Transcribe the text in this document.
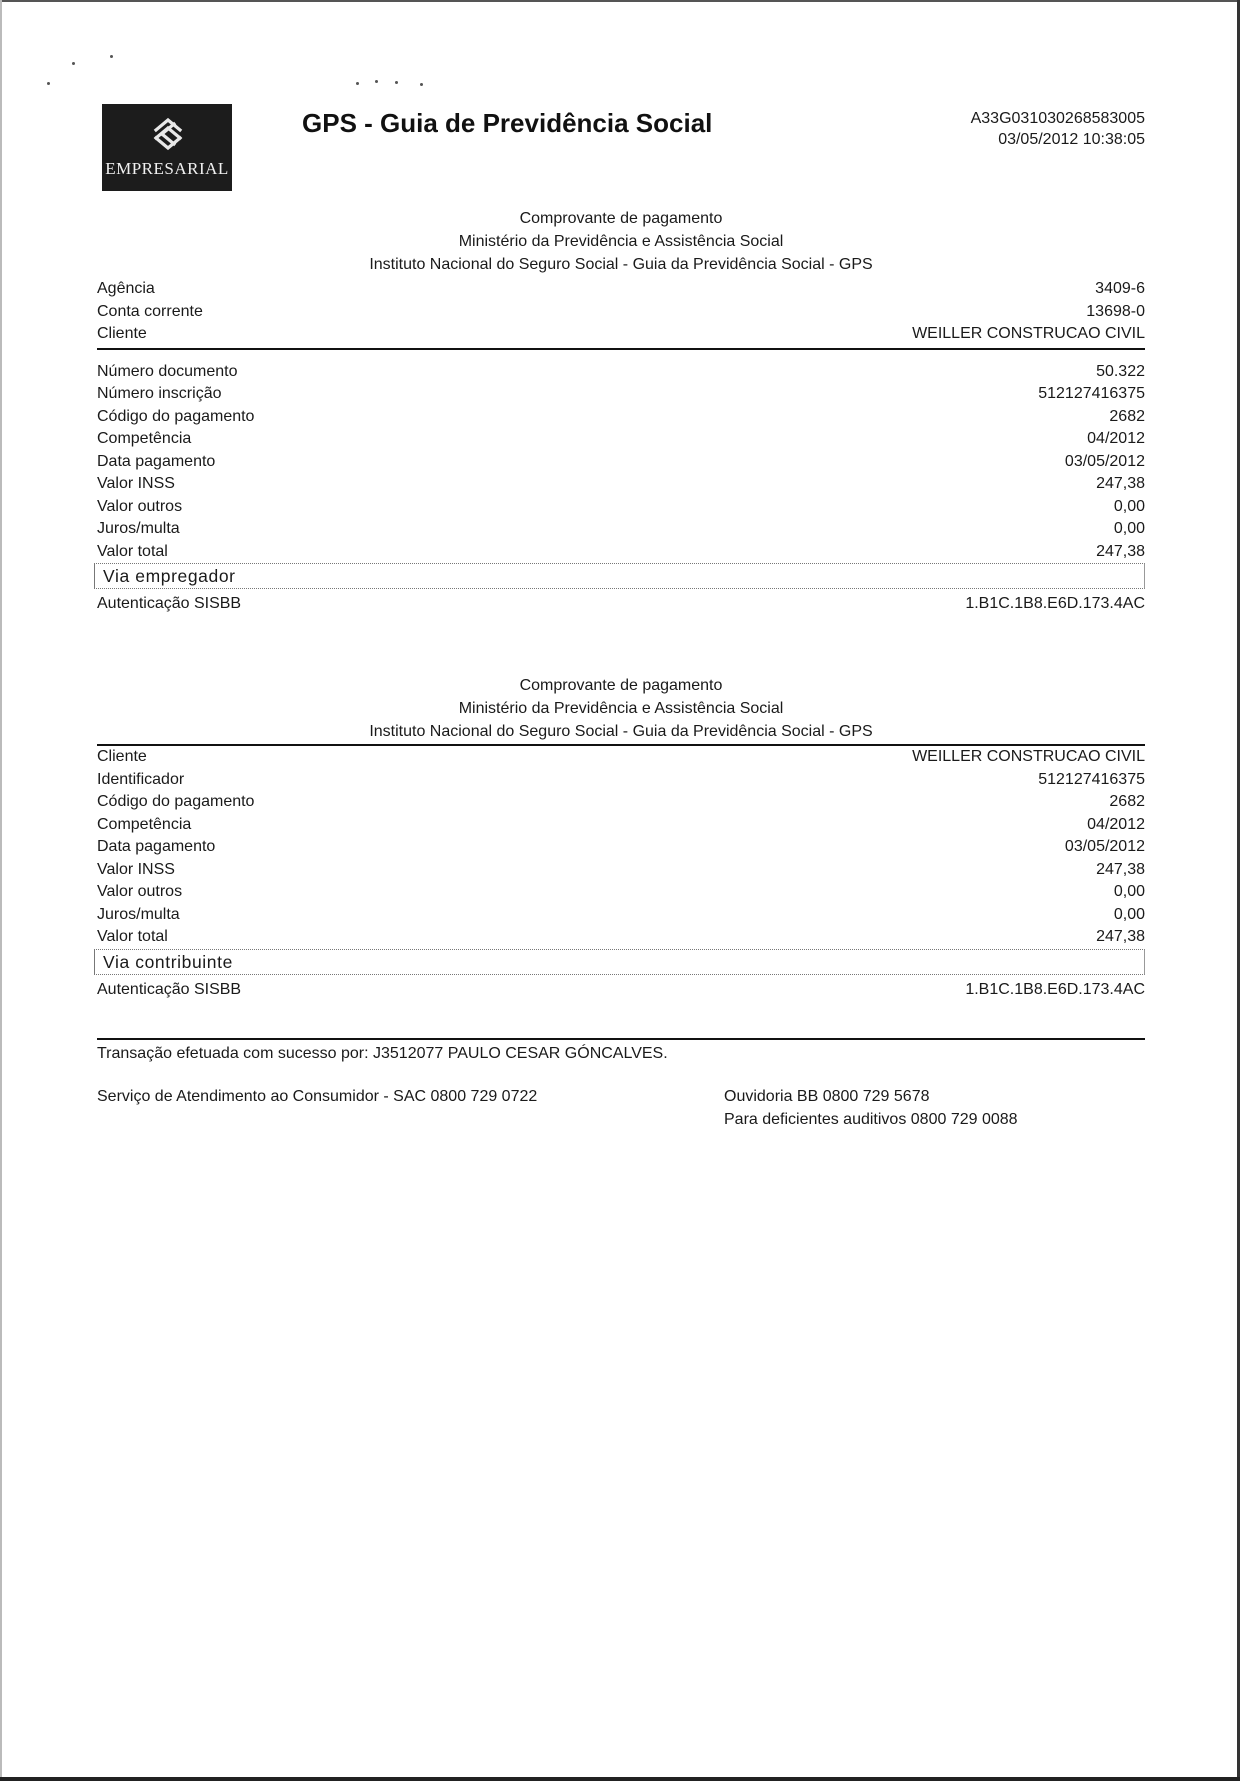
EMPRESARIAL
GPS - Guia de Previdência Social	A33G031030268583005
03/05/2012 10:38:05
Comprovante de pagamento
Ministério da Previdência e Assistência Social
Instituto Nacional do Seguro Social - Guia da Previdência Social - GPS
Agência	3409-6
Conta corrente	13698-0
Cliente	WEILLER CONSTRUCAO CIVIL
Número documento	50.322
Número inscrição	512127416375
Código do pagamento	2682
Competência	04/2012
Data pagamento	03/05/2012
Valor INSS	247,38
Valor outros	0,00
Juros/multa	0,00
Valor total	247,38
Via empregador
Autenticação SISBB	1.B1C.1B8.E6D.173.4AC
Comprovante de pagamento
Ministério da Previdência e Assistência Social
Instituto Nacional do Seguro Social - Guia da Previdência Social - GPS
Cliente	WEILLER CONSTRUCAO CIVIL
Identificador	512127416375
Código do pagamento	2682
Competência	04/2012
Data pagamento	03/05/2012
Valor INSS	247,38
Valor outros	0,00
Juros/multa	0,00
Valor total	247,38
Via contribuinte
Autenticação SISBB	1.B1C.1B8.E6D.173.4AC
Transação efetuada com sucesso por: J3512077 PAULO CESAR GÓNCALVES.
Serviço de Atendimento ao Consumidor - SAC 0800 729 0722	Ouvidoria BB 0800 729 5678
Para deficientes auditivos 0800 729 0088
